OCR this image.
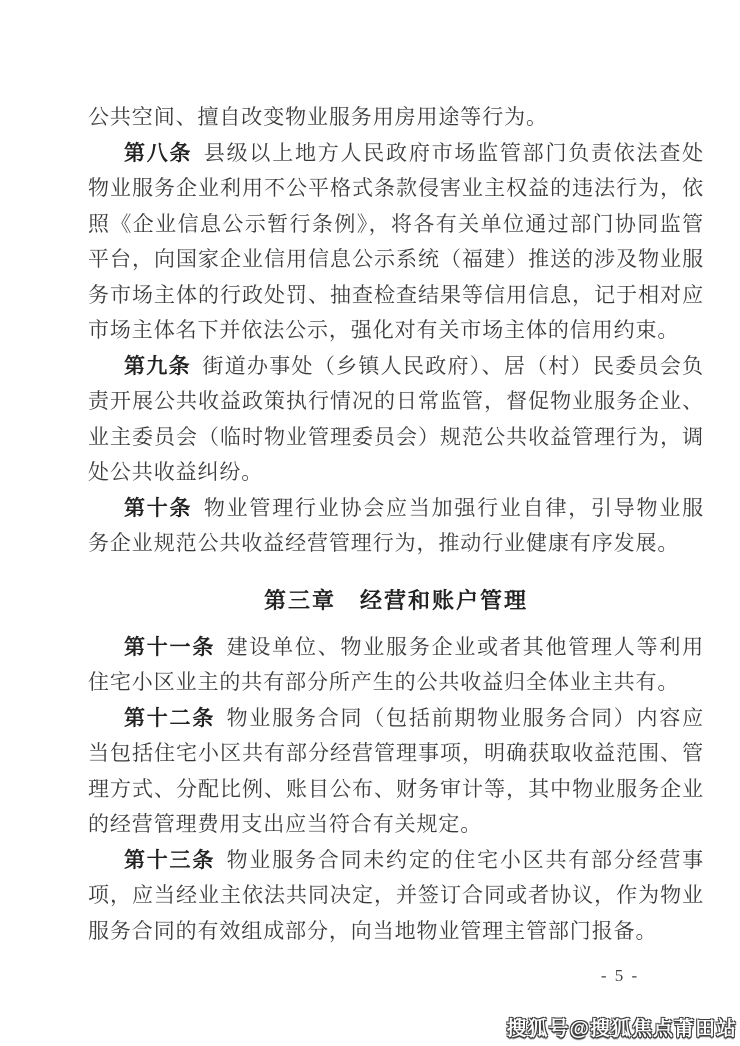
公共空间、擅自改变物业服务用房用途等行为。

第八条 县级以上地方人民政府市场监管部门负责依法查处物业服务企业利用不公平格式条款侵害业主权益的违法行为，依照《企业信息公示暂行条例》，将各有关单位通过部门协同监管平台，向国家企业信用信息公示系统（福建）推送的涉及物业服务市场主体的行政处罚、抽查检查结果等信用信息，记于相对应市场主体名下并依法公示，强化对有关市场主体的信用约束。

第九条 街道办事处（乡镇人民政府）、居（村）民委员会负责开展公共收益政策执行情况的日常监管，督促物业服务企业、业主委员会（临时物业管理委员会）规范公共收益管理行为，调处公共收益纠纷。

第十条 物业管理行业协会应当加强行业自律，引导物业服务企业规范公共收益经营管理行为，推动行业健康有序发展。

第三章　经营和账户管理

第十一条 建设单位、物业服务企业或者其他管理人等利用住宅小区业主的共有部分所产生的公共收益归全体业主共有。

第十二条 物业服务合同（包括前期物业服务合同）内容应当包括住宅小区共有部分经营管理事项，明确获取收益范围、管理方式、分配比例、账目公布、财务审计等，其中物业服务企业的经营管理费用支出应当符合有关规定。

第十三条 物业服务合同未约定的住宅小区共有部分经营事项，应当经业主依法共同决定，并签订合同或者协议，作为物业服务合同的有效组成部分，向当地物业管理主管部门报备。

- 5 -
搜狐号@搜狐焦点莆田站
